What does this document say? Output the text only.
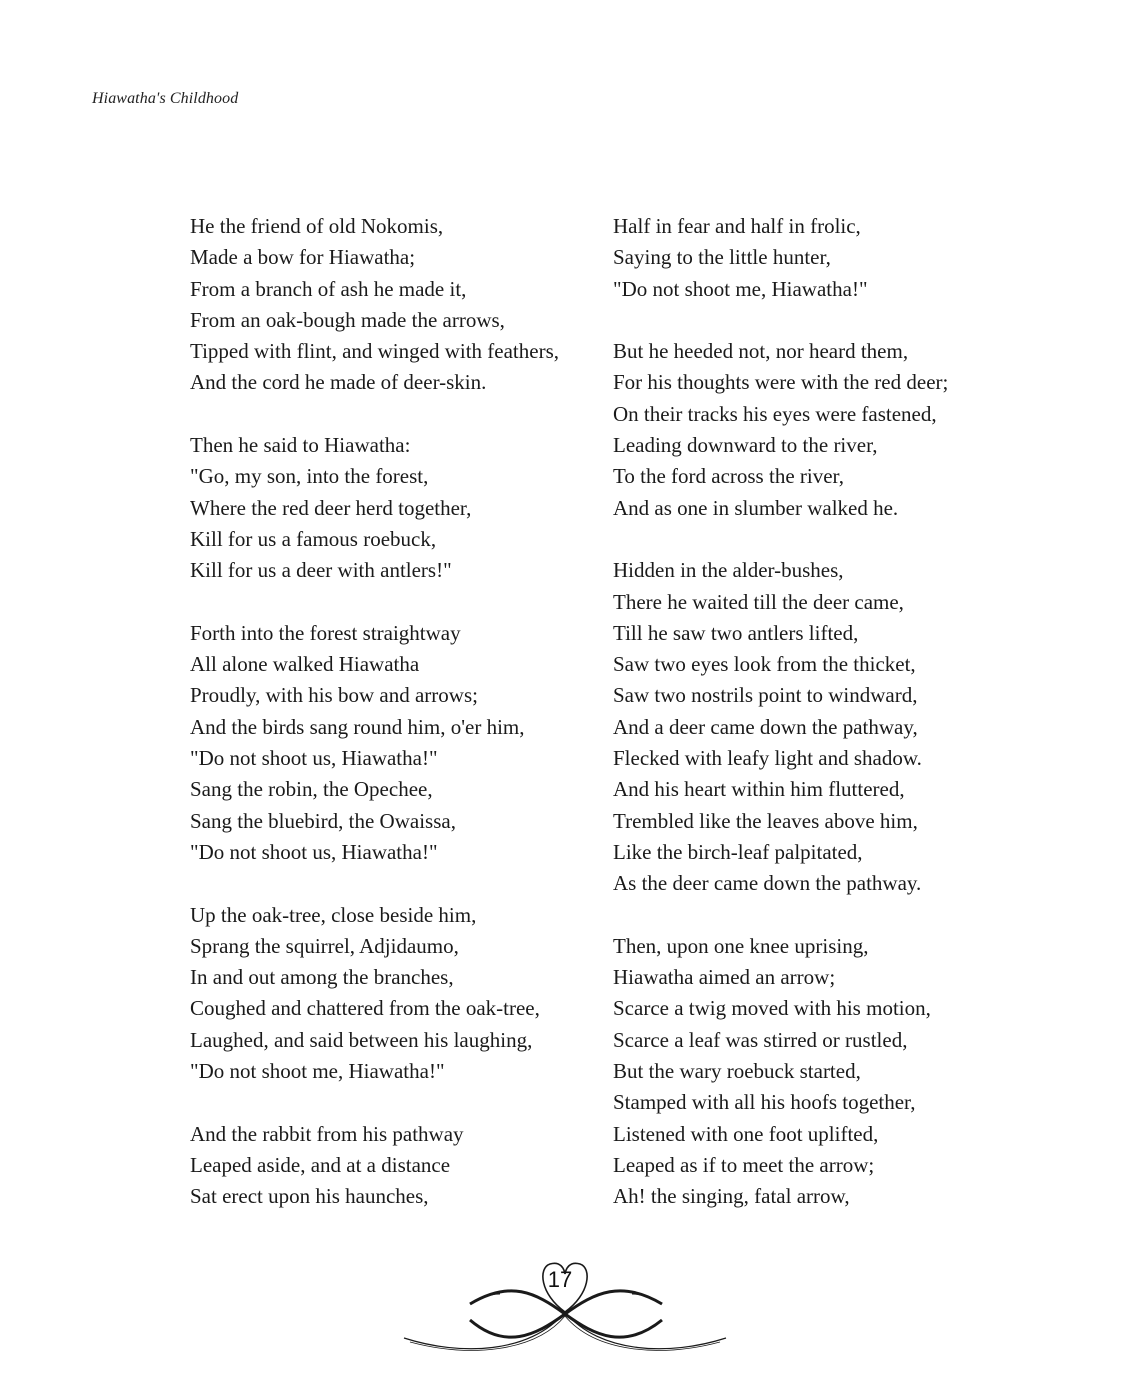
Hiawatha's Childhood
He the friend of old Nokomis,
Made a bow for Hiawatha;
From a branch of ash he made it,
From an oak-bough made the arrows,
Tipped with flint, and winged with feathers,
And the cord he made of deer-skin.
Then he said to Hiawatha:
"Go, my son, into the forest,
Where the red deer herd together,
Kill for us a famous roebuck,
Kill for us a deer with antlers!"
Forth into the forest straightway
All alone walked Hiawatha
Proudly, with his bow and arrows;
And the birds sang round him, o'er him,
"Do not shoot us, Hiawatha!"
Sang the robin, the Opechee,
Sang the bluebird, the Owaissa,
"Do not shoot us, Hiawatha!"
Up the oak-tree, close beside him,
Sprang the squirrel, Adjidaumo,
In and out among the branches,
Coughed and chattered from the oak-tree,
Laughed, and said between his laughing,
"Do not shoot me, Hiawatha!"
And the rabbit from his pathway
Leaped aside, and at a distance
Sat erect upon his haunches,
Half in fear and half in frolic,
Saying to the little hunter,
"Do not shoot me, Hiawatha!"
But he heeded not, nor heard them,
For his thoughts were with the red deer;
On their tracks his eyes were fastened,
Leading downward to the river,
To the ford across the river,
And as one in slumber walked he.
Hidden in the alder-bushes,
There he waited till the deer came,
Till he saw two antlers lifted,
Saw two eyes look from the thicket,
Saw two nostrils point to windward,
And a deer came down the pathway,
Flecked with leafy light and shadow.
And his heart within him fluttered,
Trembled like the leaves above him,
Like the birch-leaf palpitated,
As the deer came down the pathway.
Then, upon one knee uprising,
Hiawatha aimed an arrow;
Scarce a twig moved with his motion,
Scarce a leaf was stirred or rustled,
But the wary roebuck started,
Stamped with all his hoofs together,
Listened with one foot uplifted,
Leaped as if to meet the arrow;
Ah! the singing, fatal arrow,
17
